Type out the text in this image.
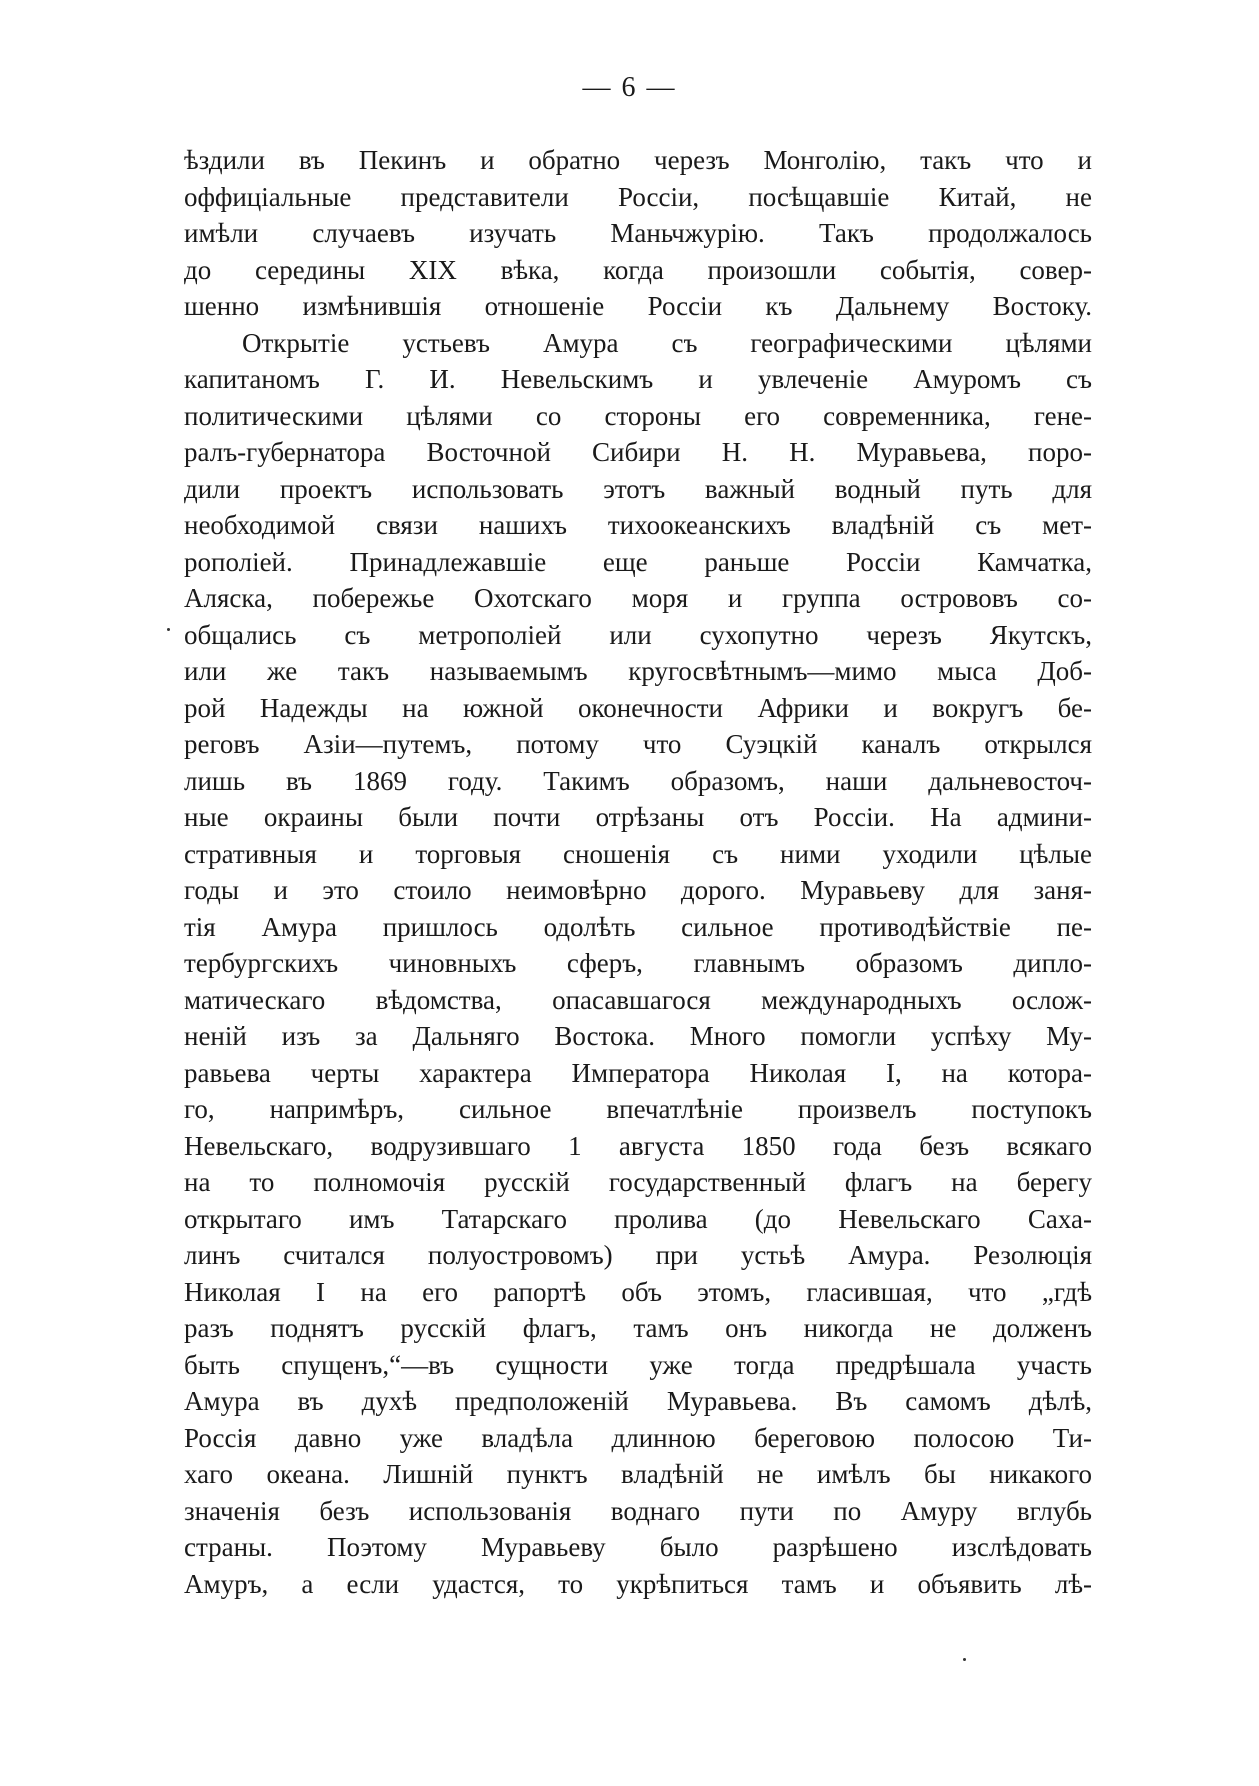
— 6 —
ѣздили въ Пекинъ и обратно черезъ Монголію, такъ что и
оффиціальные представители Россіи, посѣщавшіе Китай, не
имѣли случаевъ изучать Маньчжурію. Такъ продолжалось
до середины XIX вѣка, когда произошли событія, совер-
шенно измѣнившія отношеніе Россіи къ Дальнему Востоку.
Открытіе устьевъ Амура съ географическими цѣлями
капитаномъ Г. И. Невельскимъ и увлеченіе Амуромъ съ
политическими цѣлями со стороны его современника, гене-
ралъ-губернатора Восточной Сибири Н. Н. Муравьева, поро-
дили проектъ использовать этотъ важный водный путь для
необходимой связи нашихъ тихоокеанскихъ владѣній съ мет-
рополіей. Принадлежавшіе еще раньше Россіи Камчатка,
Аляска, побережье Охотскаго моря и группа острововъ со-
общались съ метрополіей или сухопутно черезъ Якутскъ,
или же такъ называемымъ кругосвѣтнымъ—мимо мыса Доб-
рой Надежды на южной оконечности Африки и вокругъ бе-
реговъ Азіи—путемъ, потому что Суэцкій каналъ открылся
лишь въ 1869 году. Такимъ образомъ, наши дальневосточ-
ные окраины были почти отрѣзаны отъ Россіи. На админи-
стративныя и торговыя сношенія съ ними уходили цѣлые
годы и это стоило неимовѣрно дорого. Муравьеву для заня-
тія Амура пришлось одолѣть сильное противодѣйствіе пе-
тербургскихъ чиновныхъ сферъ, главнымъ образомъ дипло-
матическаго вѣдомства, опасавшагося международныхъ ослож-
неній изъ за Дальняго Востока. Много помогли успѣху Му-
равьева черты характера Императора Николая I, на котора-
го, напримѣръ, сильное впечатлѣніе произвелъ поступокъ
Невельскаго, водрузившаго 1 августа 1850 года безъ всякаго
на то полномочія русскій государственный флагъ на берегу
открытаго имъ Татарскаго пролива (до Невельскаго Саха-
линъ считался полуостровомъ) при устьѣ Амура. Резолюція
Николая I на его рапортѣ объ этомъ, гласившая, что „гдѣ
разъ поднятъ русскій флагъ, тамъ онъ никогда не долженъ
быть спущенъ,“—въ сущности уже тогда предрѣшала участь
Амура въ духѣ предположеній Муравьева. Въ самомъ дѣлѣ,
Россія давно уже владѣла длинною береговою полосою Ти-
хаго океана. Лишній пунктъ владѣній не имѣлъ бы никакого
значенія безъ использованія воднаго пути по Амуру вглубь
страны. Поэтому Муравьеву было разрѣшено изслѣдовать
Амуръ, а если удастся, то укрѣпиться тамъ и объявить лѣ-
